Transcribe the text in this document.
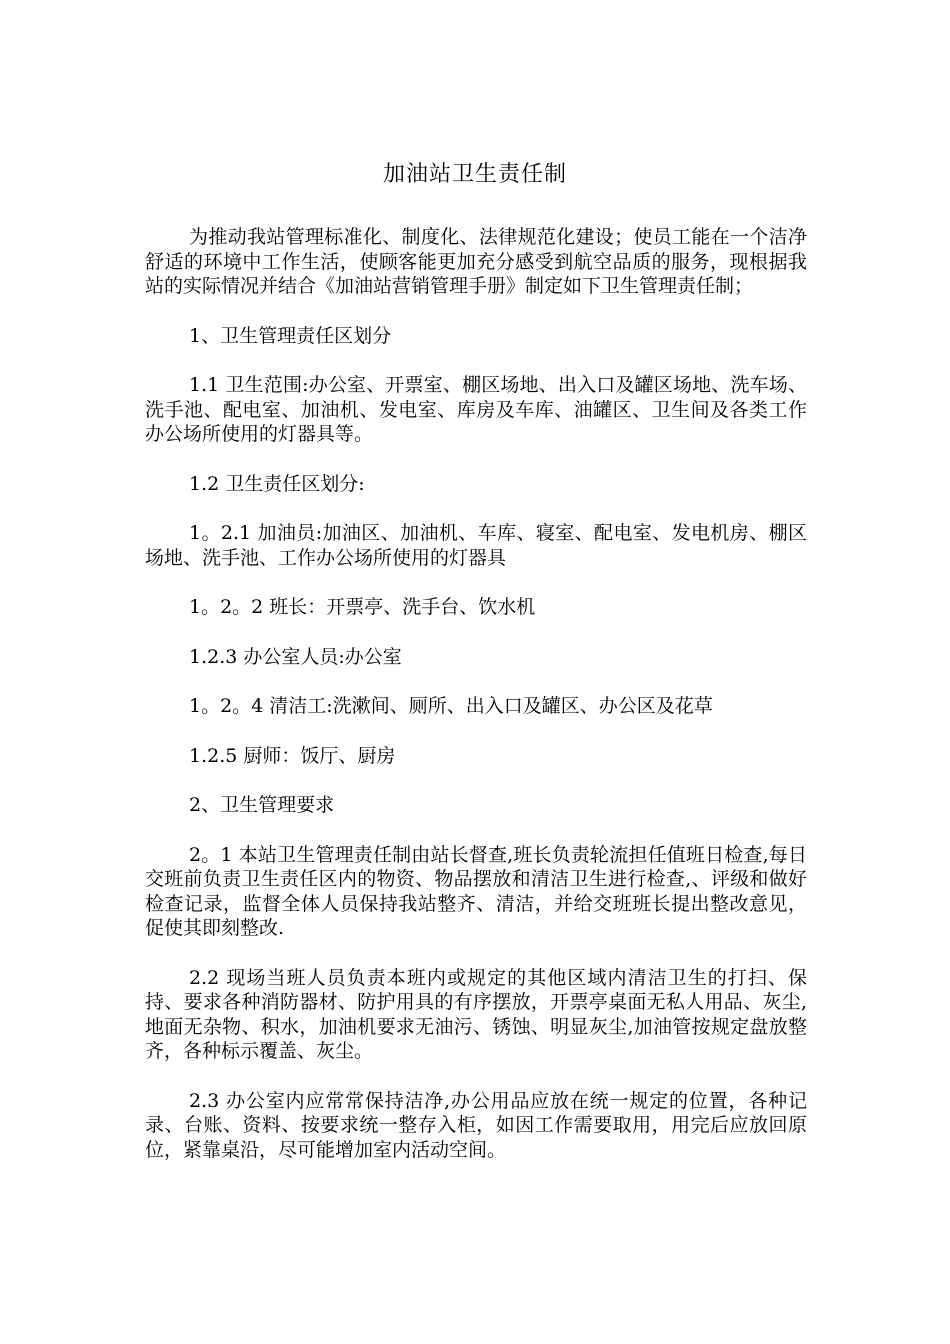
加油站卫生责任制

为推动我站管理标准化、制度化、法律规范化建设；使员工能在一个洁净舒适的环境中工作生活，使顾客能更加充分感受到航空品质的服务，现根据我站的实际情况并结合《加油站营销管理手册》制定如下卫生管理责任制；

1、卫生管理责任区划分

1.1 卫生范围:办公室、开票室、棚区场地、出入口及罐区场地、洗车场、洗手池、配电室、加油机、发电室、库房及车库、油罐区、卫生间及各类工作办公场所使用的灯器具等。

1.2 卫生责任区划分:

1。2.1 加油员:加油区、加油机、车库、寝室、配电室、发电机房、棚区场地、洗手池、工作办公场所使用的灯器具

1。2。2 班长：开票亭、洗手台、饮水机

1.2.3 办公室人员:办公室

1。2。4 清洁工:洗漱间、厕所、出入口及罐区、办公区及花草

1.2.5 厨师：饭厅、厨房

2、卫生管理要求

2。1 本站卫生管理责任制由站长督查,班长负责轮流担任值班日检查,每日交班前负责卫生责任区内的物资、物品摆放和清洁卫生进行检查,、评级和做好检查记录，监督全体人员保持我站整齐、清洁，并给交班班长提出整改意见，促使其即刻整改.

2.2 现场当班人员负责本班内或规定的其他区域内清洁卫生的打扫、保持、要求各种消防器材、防护用具的有序摆放，开票亭桌面无私人用品、灰尘,地面无杂物、积水，加油机要求无油污、锈蚀、明显灰尘,加油管按规定盘放整齐，各种标示覆盖、灰尘。

2.3 办公室内应常常保持洁净,办公用品应放在统一规定的位置，各种记录、台账、资料、按要求统一整存入柜，如因工作需要取用，用完后应放回原位，紧靠桌沿，尽可能增加室内活动空间。
